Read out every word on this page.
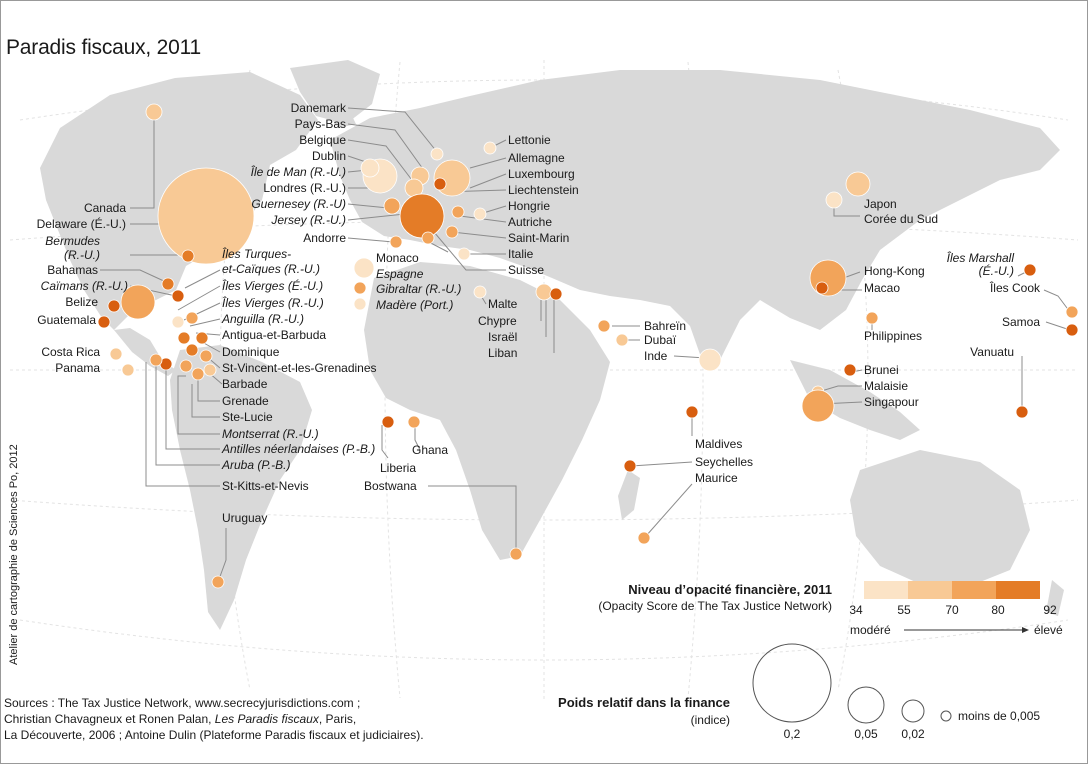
Paradis fiscaux, 2011
Atelier de cartographie de Sciences Po, 2012
Canada
Delaware (É.-U.)
Bermudes
(R.-U.)
Bahamas
Caïmans (R.-U.)
Belize
Guatemala
Costa Rica
Panama
Îles Turques-
et-Caïques (R.-U.)
Îles Vierges (É.-U.)
Îles Vierges (R.-U.)
Anguilla (R.-U.)
Antigua-et-Barbuda
Dominique
St-Vincent-et-les-Grenadines
Barbade
Grenade
Ste-Lucie
Montserrat (R.-U.)
Antilles néerlandaises (P.-B.)
Aruba (P.-B.)
St-Kitts-et-Nevis
Uruguay
Danemark
Pays-Bas
Belgique
Dublin
Île de Man (R.-U.)
Londres (R.-U.)
Guernesey (R.-U)
Jersey (R.-U.)
Andorre
Monaco
Espagne
Gibraltar (R.-U.)
Madère (Port.)
Lettonie
Allemagne
Luxembourg
Liechtenstein
Hongrie
Autriche
Saint-Marin
Italie
Suisse
Malte
Chypre
Israël
Liban
Bahreïn
Dubaï
Inde
Ghana
Liberia
Bostwana
Maldives
Seychelles
Maurice
Japon
Corée du Sud
Hong-Kong
Macao
Philippines
Brunei
Malaisie
Singapour
Îles Marshall
(É.-U.)
Îles Cook
Samoa
Vanuatu
Niveau d’opacité financière, 2011
(Opacity Score de The Tax Justice Network) 34	55	70	80	92
modéré	élevé
Poids relatif dans la finance
(indice)
0,2	0,05 0,02
moins de 0,005
Sources : The Tax Justice Network, www.secrecyjurisdictions.com ;
Christian Chavagneux et Ronen Palan, Les Paradis fiscaux, Paris,
La Découverte, 2006 ; Antoine Dulin (Plateforme Paradis fiscaux et judiciaires).
